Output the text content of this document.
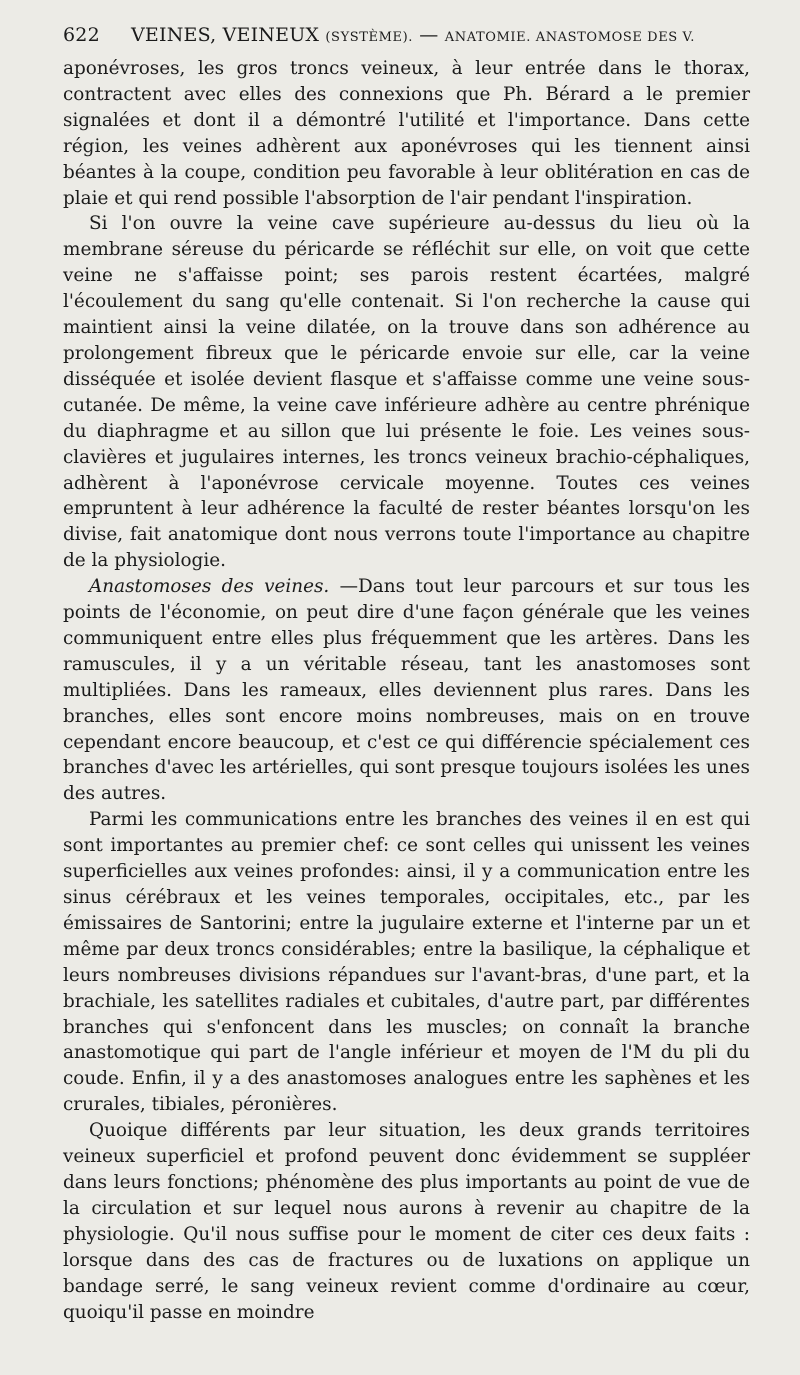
622 VEINES, VEINEUX (SYSTÈME). — ANATOMIE. ANASTOMOSE DES V.

aponévroses, les gros troncs veineux, à leur entrée dans le thorax, contractent avec elles des connexions que Ph. Bérard a le premier signalées et dont il a démontré l'utilité et l'importance. Dans cette région, les veines adhèrent aux aponévroses qui les tiennent ainsi béantes à la coupe, condition peu favorable à leur oblitération en cas de plaie et qui rend possible l'absorption de l'air pendant l'inspiration.

Si l'on ouvre la veine cave supérieure au-dessus du lieu où la membrane séreuse du péricarde se réfléchit sur elle, on voit que cette veine ne s'affaisse point; ses parois restent écartées, malgré l'écoulement du sang qu'elle contenait. Si l'on recherche la cause qui maintient ainsi la veine dilatée, on la trouve dans son adhérence au prolongement fibreux que le péricarde envoie sur elle, car la veine disséquée et isolée devient flasque et s'affaisse comme une veine sous-cutanée. De même, la veine cave inférieure adhère au centre phrénique du diaphragme et au sillon que lui présente le foie. Les veines sous-clavières et jugulaires internes, les troncs veineux brachio-céphaliques, adhèrent à l'aponévrose cervicale moyenne. Toutes ces veines empruntent à leur adhérence la faculté de rester béantes lorsqu'on les divise, fait anatomique dont nous verrons toute l'importance au chapitre de la physiologie.

Anastomoses des veines. —Dans tout leur parcours et sur tous les points de l'économie, on peut dire d'une façon générale que les veines communiquent entre elles plus fréquemment que les artères. Dans les ramuscules, il y a un véritable réseau, tant les anastomoses sont multipliées. Dans les rameaux, elles deviennent plus rares. Dans les branches, elles sont encore moins nombreuses, mais on en trouve cependant encore beaucoup, et c'est ce qui différencie spécialement ces branches d'avec les artérielles, qui sont presque toujours isolées les unes des autres.

Parmi les communications entre les branches des veines il en est qui sont importantes au premier chef: ce sont celles qui unissent les veines superficielles aux veines profondes: ainsi, il y a communication entre les sinus cérébraux et les veines temporales, occipitales, etc., par les émissaires de Santorini; entre la jugulaire externe et l'interne par un et même par deux troncs considérables; entre la basilique, la céphalique et leurs nombreuses divisions répandues sur l'avant-bras, d'une part, et la brachiale, les satellites radiales et cubitales, d'autre part, par différentes branches qui s'enfoncent dans les muscles; on connaît la branche anastomotique qui part de l'angle inférieur et moyen de l'M du pli du coude. Enfin, il y a des anastomoses analogues entre les saphènes et les crurales, tibiales, péronières.

Quoique différents par leur situation, les deux grands territoires veineux superficiel et profond peuvent donc évidemment se suppléer dans leurs fonctions; phénomène des plus importants au point de vue de la circulation et sur lequel nous aurons à revenir au chapitre de la physiologie. Qu'il nous suffise pour le moment de citer ces deux faits : lorsque dans des cas de fractures ou de luxations on applique un bandage serré, le sang veineux revient comme d'ordinaire au cœur, quoiqu'il passe en moindre
